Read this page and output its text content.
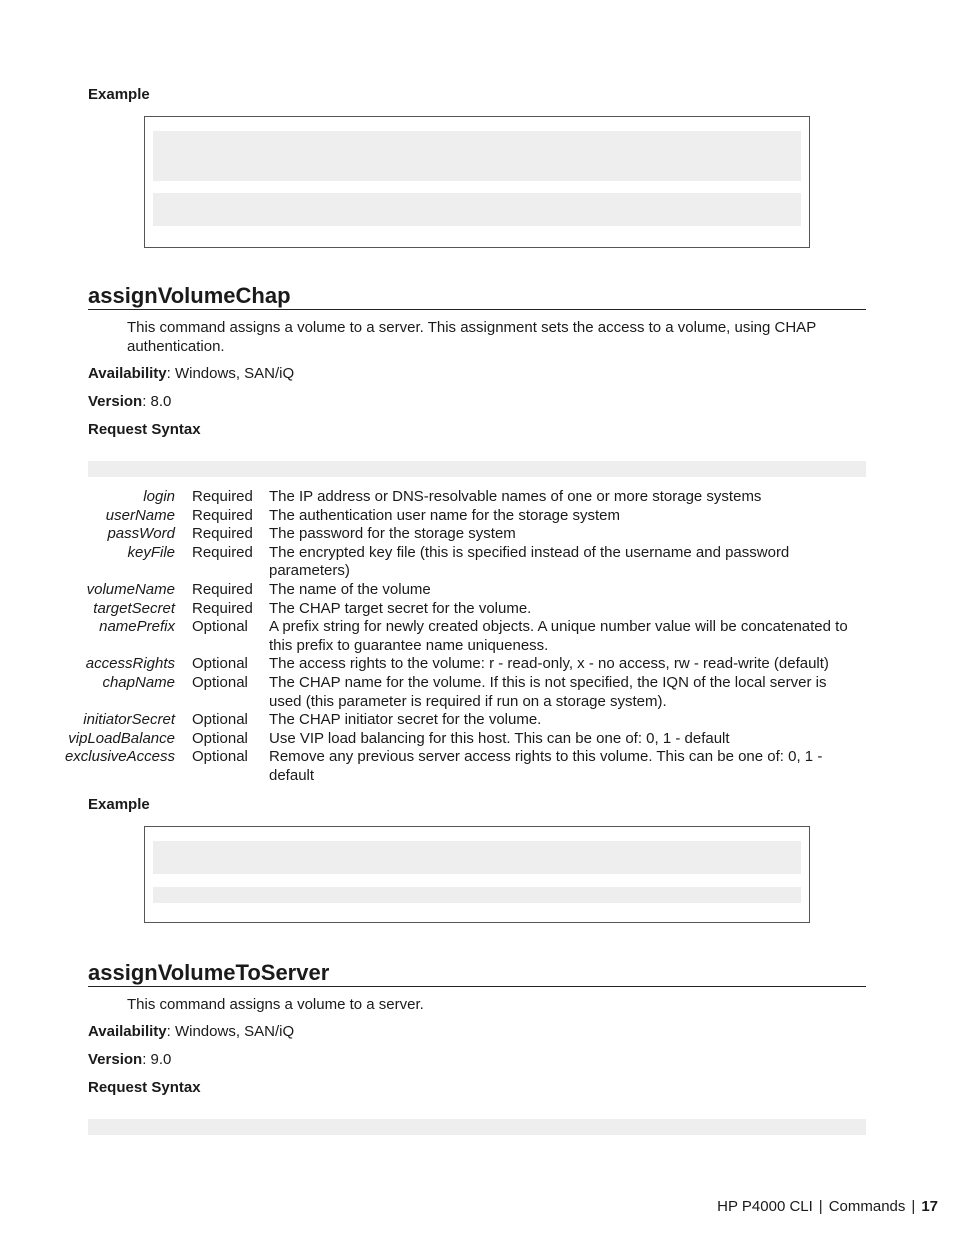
Example
assignVolumeChap
This command assigns a volume to a server. This assignment sets the access to a volume, using CHAP authentication.
Availability: Windows, SAN/iQ
Version: 8.0
Request Syntax
login Required The IP address or DNS-resolvable names of one or more storage systems
userName Required The authentication user name for the storage system
passWord Required The password for the storage system
keyFile Required The encrypted key file (this is specified instead of the username and password parameters)
volumeName Required The name of the volume
targetSecret Required The CHAP target secret for the volume.
namePrefix Optional A prefix string for newly created objects. A unique number value will be concatenated to this prefix to guarantee name uniqueness.
accessRights Optional The access rights to the volume: r - read-only, x - no access, rw - read-write (default)
chapName Optional The CHAP name for the volume. If this is not specified, the IQN of the local server is used (this parameter is required if run on a storage system).
initiatorSecret Optional The CHAP initiator secret for the volume.
vipLoadBalance Optional Use VIP load balancing for this host. This can be one of: 0, 1 - default
exclusiveAccess Optional Remove any previous server access rights to this volume. This can be one of: 0, 1 - default
Example
assignVolumeToServer
This command assigns a volume to a server.
Availability: Windows, SAN/iQ
Version: 9.0
Request Syntax
HP P4000 CLI | Commands | 17
